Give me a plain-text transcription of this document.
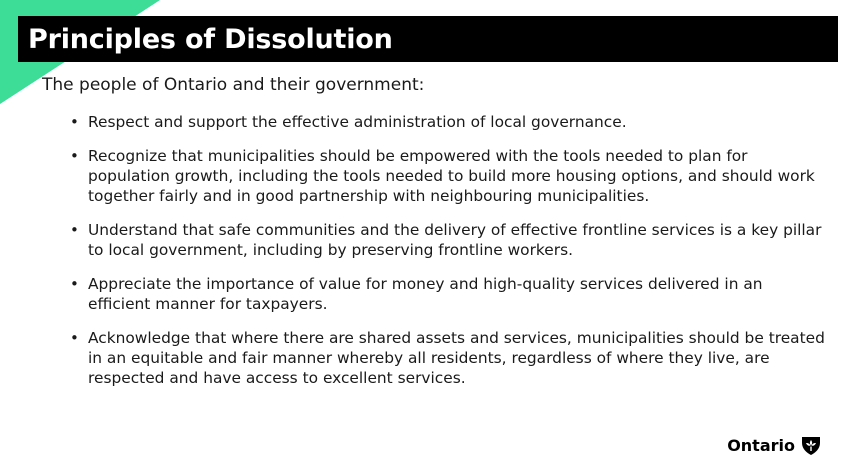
Principles of Dissolution
The people of Ontario and their government:
• Respect and support the effective administration of local governance.
• Recognize that municipalities should be empowered with the tools needed to plan for population growth, including the tools needed to build more housing options, and should work together fairly and in good partnership with neighbouring municipalities.
• Understand that safe communities and the delivery of effective frontline services is a key pillar to local government, including by preserving frontline workers.
• Appreciate the importance of value for money and high-quality services delivered in an efficient manner for taxpayers.
• Acknowledge that where there are shared assets and services, municipalities should be treated in an equitable and fair manner whereby all residents, regardless of where they live, are respected and have access to excellent services.
Ontario
